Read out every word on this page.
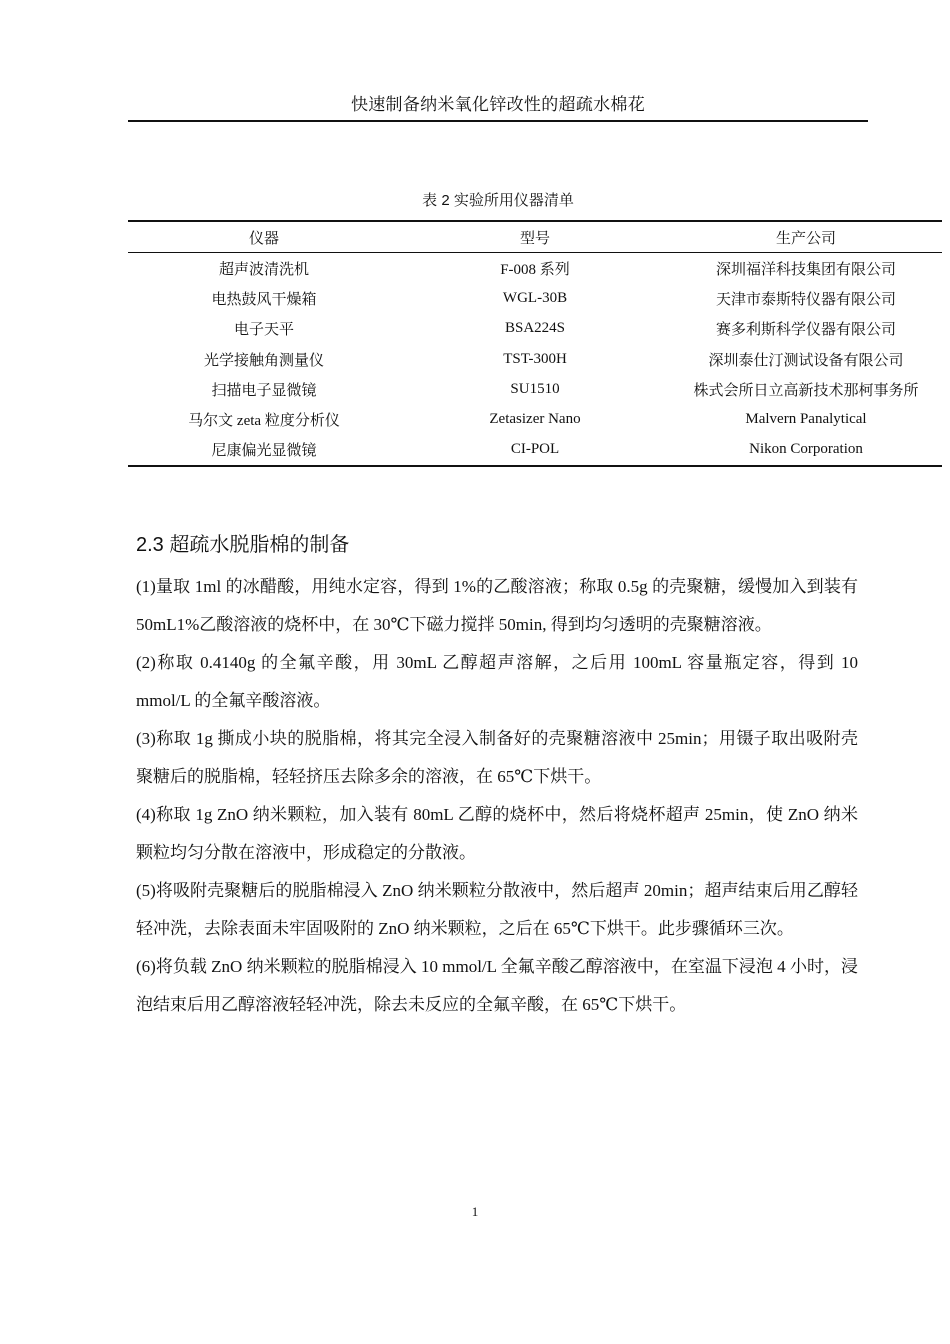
快速制备纳米氧化锌改性的超疏水棉花
表 2 实验所用仪器清单
仪器	型号	生产公司
超声波清洗机	F-008 系列	深圳福洋科技集团有限公司
电热鼓风干燥箱	WGL-30B	天津市泰斯特仪器有限公司
电子天平	BSA224S	赛多利斯科学仪器有限公司
光学接触角测量仪	TST-300H	深圳泰仕汀测试设备有限公司
扫描电子显微镜	SU1510	株式会所日立高新技术那柯事务所
马尔文 zeta 粒度分析仪	Zetasizer Nano	Malvern Panalytical
尼康偏光显微镜	CI-POL	Nikon Corporation
2.3 超疏水脱脂棉的制备

(1)量取 1ml 的冰醋酸，用纯水定容，得到 1%的乙酸溶液；称取 0.5g 的壳聚糖，缓慢加入到装有 50mL1%乙酸溶液的烧杯中，在 30℃下磁力搅拌 50min, 得到均匀透明的壳聚糖溶液。

(2)称取 0.4140g 的全氟辛酸，用 30mL 乙醇超声溶解，之后用 100mL 容量瓶定容，得到 10 mmol/L 的全氟辛酸溶液。

(3)称取 1g 撕成小块的脱脂棉，将其完全浸入制备好的壳聚糖溶液中 25min；用镊子取出吸附壳聚糖后的脱脂棉，轻轻挤压去除多余的溶液，在 65℃下烘干。

(4)称取 1g ZnO 纳米颗粒，加入装有 80mL 乙醇的烧杯中，然后将烧杯超声 25min，使 ZnO 纳米颗粒均匀分散在溶液中，形成稳定的分散液。

(5)将吸附壳聚糖后的脱脂棉浸入 ZnO 纳米颗粒分散液中，然后超声 20min；超声结束后用乙醇轻轻冲洗，去除表面未牢固吸附的 ZnO 纳米颗粒，之后在 65℃下烘干。此步骤循环三次。

(6)将负载 ZnO 纳米颗粒的脱脂棉浸入 10 mmol/L 全氟辛酸乙醇溶液中，在室温下浸泡 4 小时，浸泡结束后用乙醇溶液轻轻冲洗，除去未反应的全氟辛酸，在 65℃下烘干。

1
